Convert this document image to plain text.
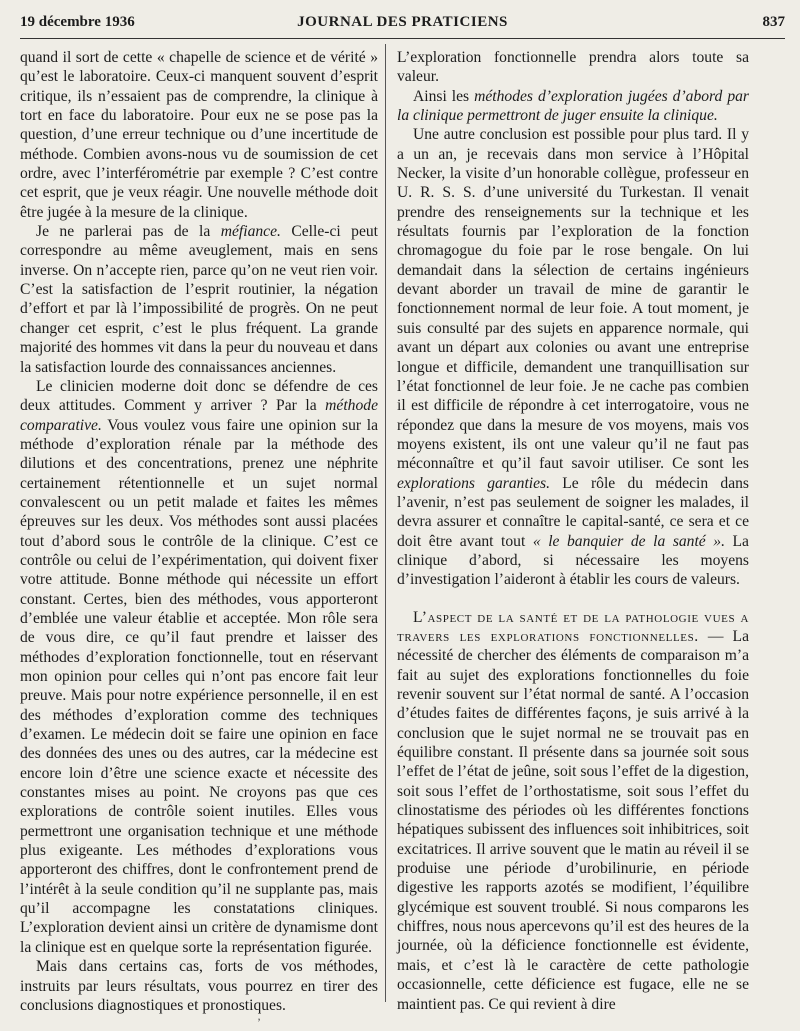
19 décembre 1936	JOURNAL DES PRATICIENS	837

quand il sort de cette « chapelle de science et de vérité » qu’est le laboratoire. Ceux-ci manquent souvent d’esprit critique, ils n’essaient pas de comprendre, la clinique à tort en face du laboratoire. Pour eux ne se pose pas la question, d’une erreur technique ou d’une incertitude de méthode. Combien avons-nous vu de soumission de cet ordre, avec l’interférométrie par exemple ? C’est contre cet esprit, que je veux réagir. Une nouvelle méthode doit être jugée à la mesure de la clinique.

Je ne parlerai pas de la méfiance. Celle-ci peut correspondre au même aveuglement, mais en sens inverse. On n’accepte rien, parce qu’on ne veut rien voir. C’est la satisfaction de l’esprit routinier, la négation d’effort et par là l’impossibilité de progrès. On ne peut changer cet esprit, c’est le plus fréquent. La grande majorité des hommes vit dans la peur du nouveau et dans la satisfaction lourde des connaissances anciennes.

Le clinicien moderne doit donc se défendre de ces deux attitudes. Comment y arriver ? Par la méthode comparative. Vous voulez vous faire une opinion sur la méthode d’exploration rénale par la méthode des dilutions et des concentrations, prenez une néphrite certainement rétentionnelle et un sujet normal convalescent ou un petit malade et faites les mêmes épreuves sur les deux. Vos méthodes sont aussi placées tout d’abord sous le contrôle de la clinique. C’est ce contrôle ou celui de l’expérimentation, qui doivent fixer votre attitude. Bonne méthode qui nécessite un effort constant. Certes, bien des méthodes, vous apporteront d’emblée une valeur établie et acceptée. Mon rôle sera de vous dire, ce qu’il faut prendre et laisser des méthodes d’exploration fonctionnelle, tout en réservant mon opinion pour celles qui n’ont pas encore fait leur preuve. Mais pour notre expérience personnelle, il en est des méthodes d’exploration comme des techniques d’examen. Le médecin doit se faire une opinion en face des données des unes ou des autres, car la médecine est encore loin d’être une science exacte et nécessite des constantes mises au point. Ne croyons pas que ces explorations de contrôle soient inutiles. Elles vous permettront une organisation technique et une méthode plus exigeante. Les méthodes d’explorations vous apporteront des chiffres, dont le confrontement prend de l’intérêt à la seule condition qu’il ne supplante pas, mais qu’il accompagne les constatations cliniques. L’exploration devient ainsi un critère de dynamisme dont la clinique est en quelque sorte la représentation figurée.

Mais dans certains cas, forts de vos méthodes, instruits par leurs résultats, vous pourrez en tirer des conclusions diagnostiques et pronostiques.

L’exploration fonctionnelle prendra alors toute sa valeur.

Ainsi les méthodes d’exploration jugées d’abord par la clinique permettront de juger ensuite la clinique.

Une autre conclusion est possible pour plus tard. Il y a un an, je recevais dans mon service à l’Hôpital Necker, la visite d’un honorable collègue, professeur en U. R. S. S. d’une université du Turkestan. Il venait prendre des renseignements sur la technique et les résultats fournis par l’exploration de la fonction chromagogue du foie par le rose bengale. On lui demandait dans la sélection de certains ingénieurs devant aborder un travail de mine de garantir le fonctionnement normal de leur foie. A tout moment, je suis consulté par des sujets en apparence normale, qui avant un départ aux colonies ou avant une entreprise longue et difficile, demandent une tranquillisation sur l’état fonctionnel de leur foie. Je ne cache pas combien il est difficile de répondre à cet interrogatoire, vous ne répondez que dans la mesure de vos moyens, mais vos moyens existent, ils ont une valeur qu’il ne faut pas méconnaître et qu’il faut savoir utiliser. Ce sont les explorations garanties. Le rôle du médecin dans l’avenir, n’est pas seulement de soigner les malades, il devra assurer et connaître le capital-santé, ce sera et ce doit être avant tout « le banquier de la santé ». La clinique d’abord, si nécessaire les moyens d’investigation l’aideront à établir les cours de valeurs.

L’aspect de la santé et de la pathologie vues a travers les explorations fonctionnelles. — La nécessité de chercher des éléments de comparaison m’a fait au sujet des explorations fonctionnelles du foie revenir souvent sur l’état normal de santé. A l’occasion d’études faites de différentes façons, je suis arrivé à la conclusion que le sujet normal ne se trouvait pas en équilibre constant. Il présente dans sa journée soit sous l’effet de l’état de jeûne, soit sous l’effet de la digestion, soit sous l’effet de l’orthostatisme, soit sous l’effet du clinostatisme des périodes où les différentes fonctions hépatiques subissent des influences soit inhibitrices, soit excitatrices. Il arrive souvent que le matin au réveil il se produise une période d’urobilinurie, en période digestive les rapports azotés se modifient, l’équilibre glycémique est souvent troublé. Si nous comparons les chiffres, nous nous apercevons qu’il est des heures de la journée, où la déficience fonctionnelle est évidente, mais, et c’est là le caractère de cette pathologie occasionnelle, cette déficience est fugace, elle ne se maintient pas. Ce qui revient à dire

’
